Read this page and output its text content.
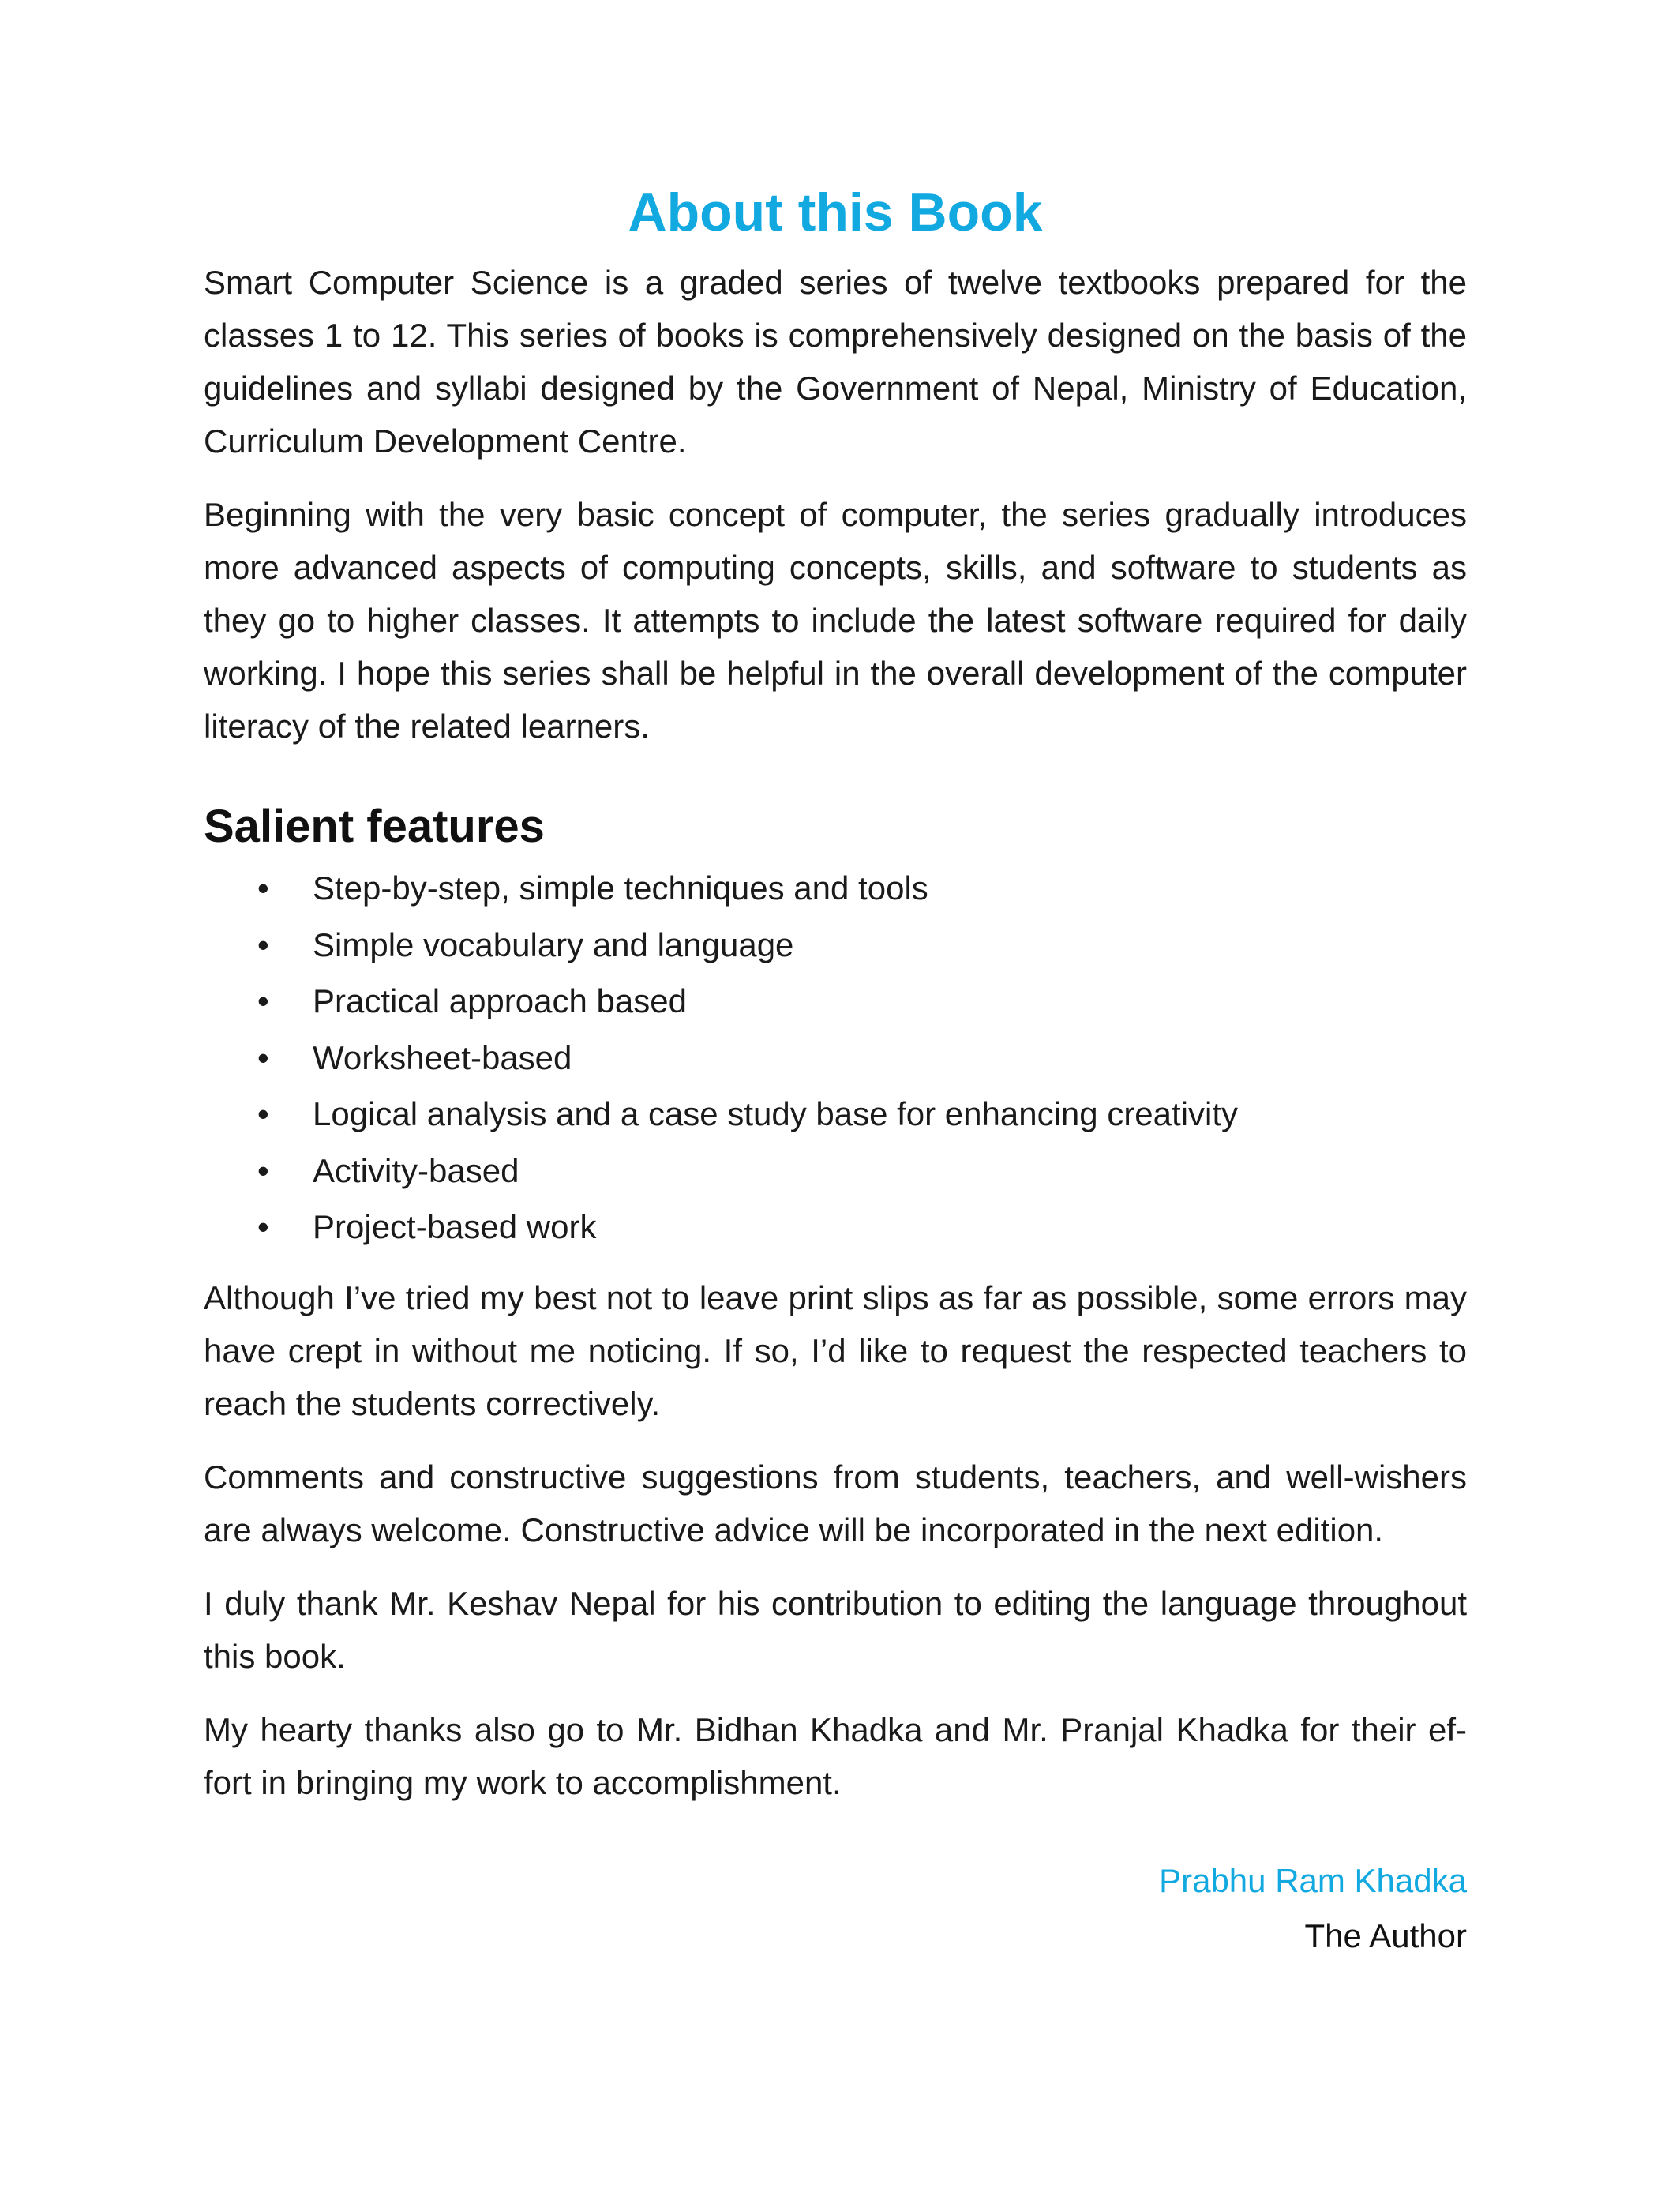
About this Book

Smart Computer Science is a graded series of twelve textbooks prepared for the classes 1 to 12. This series of books is comprehensively designed on the basis of the guidelines and syllabi designed by the Government of Nepal, Ministry of Education, Curriculum Development Centre.

Beginning with the very basic concept of computer, the series gradually introduces more advanced aspects of computing concepts, skills, and software to students as they go to higher classes. It attempts to include the latest software required for daily working. I hope this series shall be helpful in the overall development of the computer literacy of the related learners.

Salient features
• Step-by-step, simple techniques and tools
• Simple vocabulary and language
• Practical approach based
• Worksheet-based
• Logical analysis and a case study base for enhancing creativity
• Activity-based
• Project-based work

Although I’ve tried my best not to leave print slips as far as possible, some errors may have crept in without me noticing. If so, I’d like to request the respected teachers to reach the students correctively.

Comments and constructive suggestions from students, teachers, and well-wishers are always welcome. Constructive advice will be incorporated in the next edition.

I duly thank Mr. Keshav Nepal for his contribution to editing the language throughout this book.

My hearty thanks also go to Mr. Bidhan Khadka and Mr. Pranjal Khadka for their ef-fort in bringing my work to accomplishment.

Prabhu Ram Khadka
The Author
